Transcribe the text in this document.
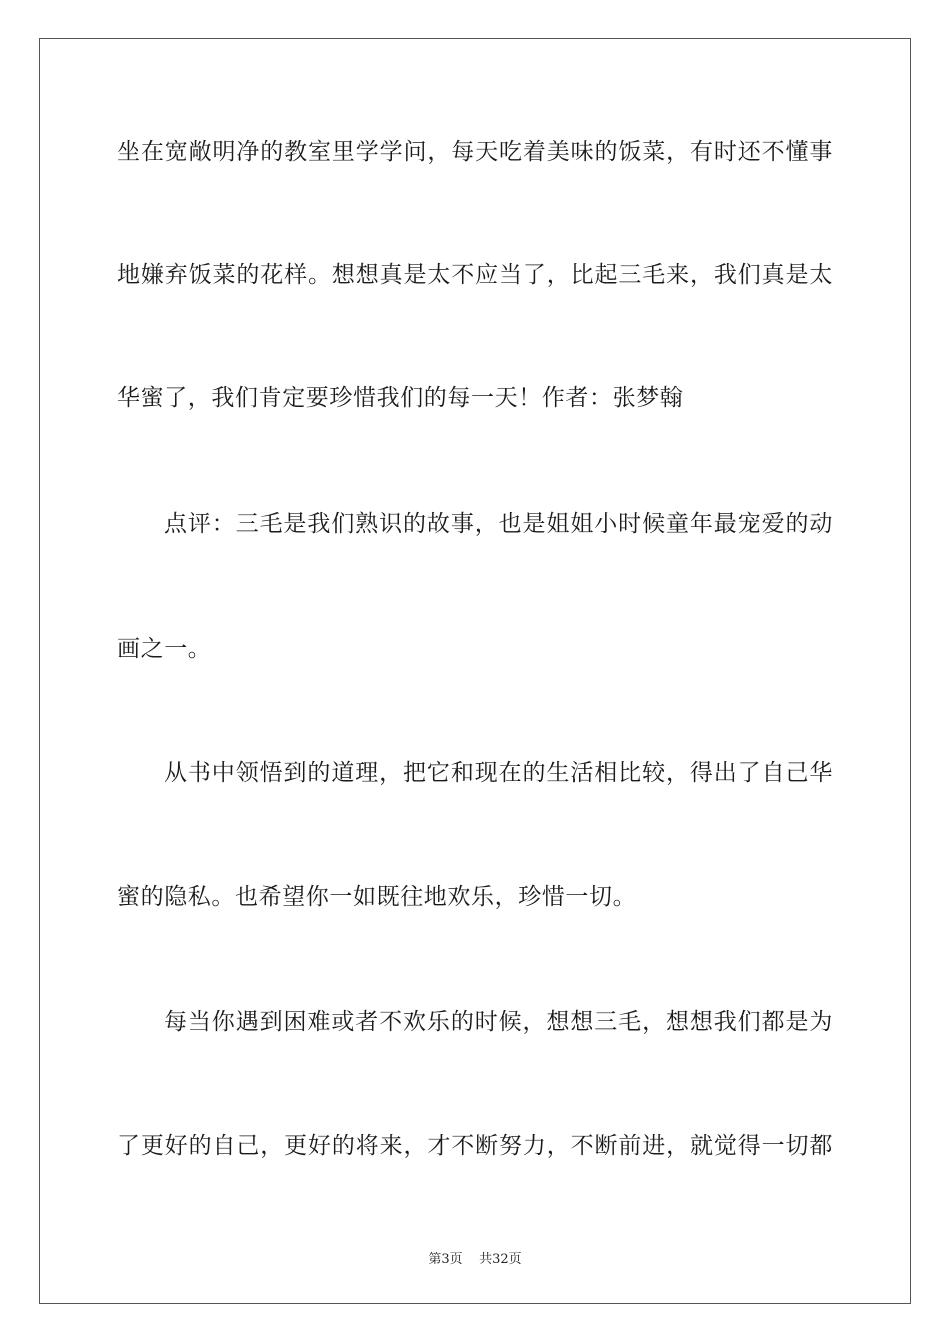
坐在宽敞明净的教室里学学问，每天吃着美味的饭菜，有时还不懂事
地嫌弃饭菜的花样。想想真是太不应当了，比起三毛来，我们真是太
华蜜了，我们肯定要珍惜我们的每一天！作者：张梦翰
点评：三毛是我们熟识的故事，也是姐姐小时候童年最宠爱的动
画之一。
从书中领悟到的道理，把它和现在的生活相比较，得出了自己华
蜜的隐私。也希望你一如既往地欢乐，珍惜一切。
每当你遇到困难或者不欢乐的时候，想想三毛，想想我们都是为
了更好的自己，更好的将来，才不断努力，不断前进，就觉得一切都
第3页 共32页
